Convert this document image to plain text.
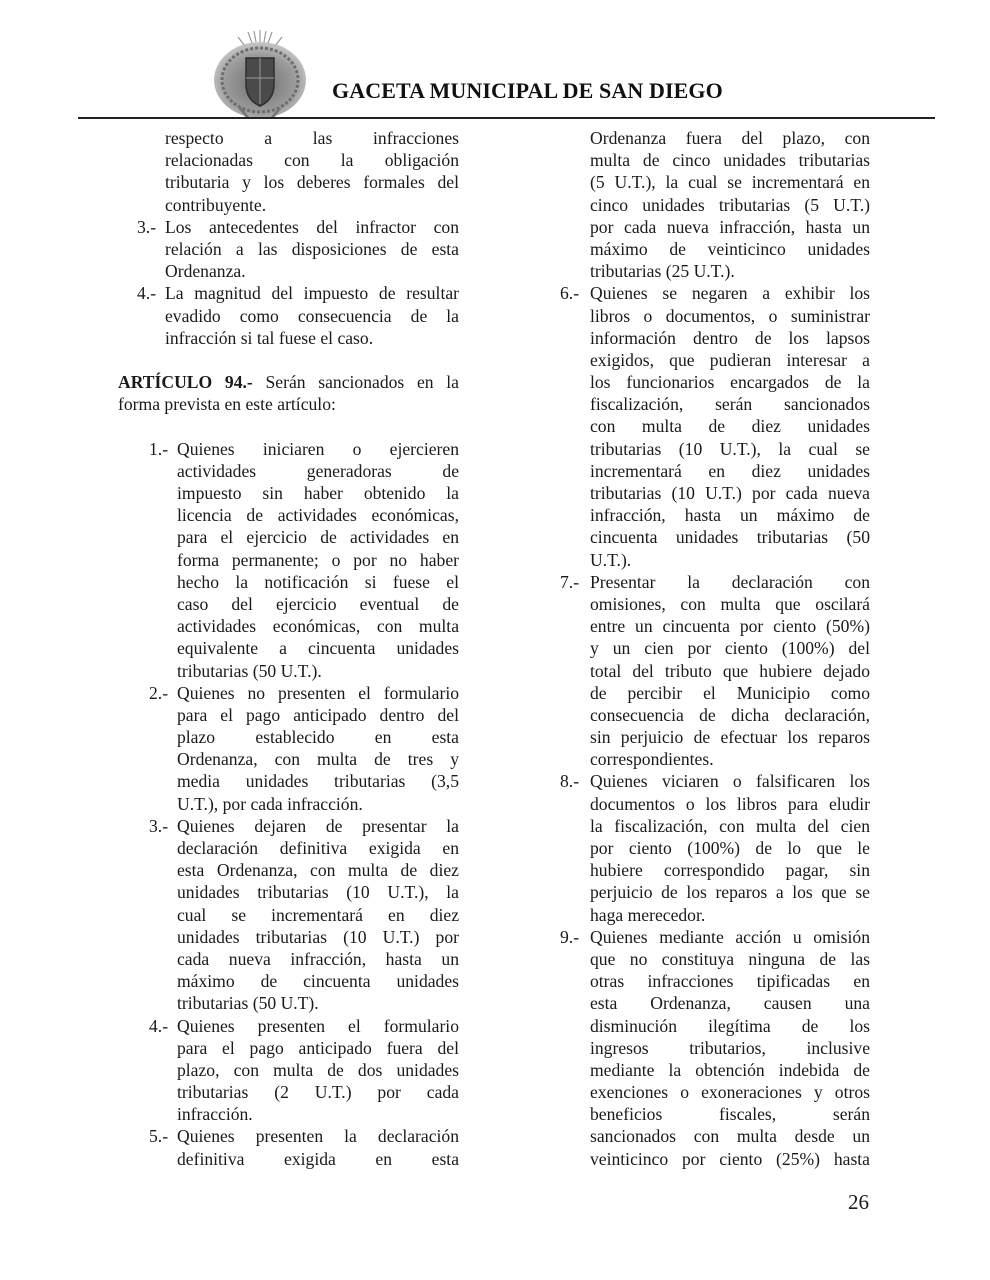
GACETA MUNICIPAL DE SAN DIEGO
respecto a las infracciones
relacionadas con la obligación
tributaria y los deberes formales del
contribuyente.
3.- Los antecedentes del infractor con
relación a las disposiciones de esta
Ordenanza.
4.- La magnitud del impuesto de resultar
evadido como consecuencia de la
infracción si tal fuese el caso.
ARTÍCULO 94.- Serán sancionados en la
forma prevista en este artículo:
1.- Quienes iniciaren o ejercieren
actividades generadoras de
impuesto sin haber obtenido la
licencia de actividades económicas,
para el ejercicio de actividades en
forma permanente; o por no haber
hecho la notificación si fuese el
caso del ejercicio eventual de
actividades económicas, con multa
equivalente a cincuenta unidades
tributarias (50 U.T.).
2.- Quienes no presenten el formulario
para el pago anticipado dentro del
plazo establecido en esta
Ordenanza, con multa de tres y
media unidades tributarias (3,5
U.T.), por cada infracción.
3.- Quienes dejaren de presentar la
declaración definitiva exigida en
esta Ordenanza, con multa de diez
unidades tributarias (10 U.T.), la
cual se incrementará en diez
unidades tributarias (10 U.T.) por
cada nueva infracción, hasta un
máximo de cincuenta unidades
tributarias (50 U.T).
4.- Quienes presenten el formulario
para el pago anticipado fuera del
plazo, con multa de dos unidades
tributarias (2 U.T.) por cada
infracción.
5.- Quienes presenten la declaración
definitiva exigida en esta
Ordenanza fuera del plazo, con
multa de cinco unidades tributarias
(5 U.T.), la cual se incrementará en
cinco unidades tributarias (5 U.T.)
por cada nueva infracción, hasta un
máximo de veinticinco unidades
tributarias (25 U.T.).
6.- Quienes se negaren a exhibir los
libros o documentos, o suministrar
información dentro de los lapsos
exigidos, que pudieran interesar a
los funcionarios encargados de la
fiscalización, serán sancionados
con multa de diez unidades
tributarias (10 U.T.), la cual se
incrementará en diez unidades
tributarias (10 U.T.) por cada nueva
infracción, hasta un máximo de
cincuenta unidades tributarias (50
U.T.).
7.- Presentar la declaración con
omisiones, con multa que oscilará
entre un cincuenta por ciento (50%)
y un cien por ciento (100%) del
total del tributo que hubiere dejado
de percibir el Municipio como
consecuencia de dicha declaración,
sin perjuicio de efectuar los reparos
correspondientes.
8.- Quienes viciaren o falsificaren los
documentos o los libros para eludir
la fiscalización, con multa del cien
por ciento (100%) de lo que le
hubiere correspondido pagar, sin
perjuicio de los reparos a los que se
haga merecedor.
9.- Quienes mediante acción u omisión
que no constituya ninguna de las
otras infracciones tipificadas en
esta Ordenanza, causen una
disminución ilegítima de los
ingresos tributarios, inclusive
mediante la obtención indebida de
exenciones o exoneraciones y otros
beneficios fiscales, serán
sancionados con multa desde un
veinticinco por ciento (25%) hasta
26
